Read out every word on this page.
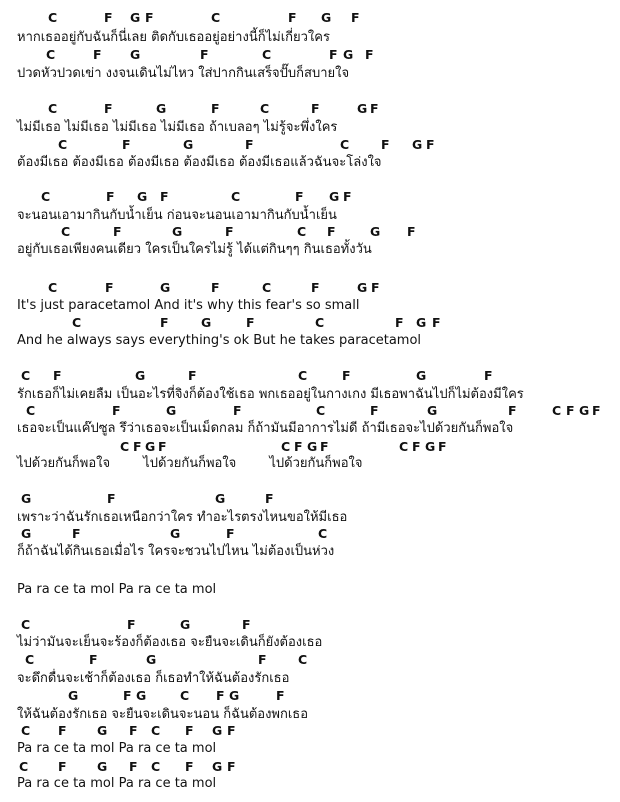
C	F G F	C	F G F
หากเธออยู่กับฉันก็นี่เลย ติดกับเธออยู่อย่างนี้ก็ไม่เกี่ยวใคร
C	F G	F	C	F G F
ปวดหัวปวดเข่า งงจนเดินไม่ไหว ใส่ปากกินเสร็จปั๊บก็สบายใจ
C	F	G	F	C	F	G F
ไม่มีเธอ ไม่มีเธอ ไม่มีเธอ ไม่มีเธอ ถ้าเบลอๆ ไม่รู้จะพึ่งใคร
C	F	G	F	C	F G F
ต้องมีเธอ ต้องมีเธอ ต้องมีเธอ ต้องมีเธอ ต้องมีเธอแล้วฉันจะโล่งใจ
C	F G F	C	F G F
จะนอนเอามากินกับน้ำเย็น ก่อนจะนอนเอามากินกับน้ำเย็น
C	F	G	F	C F	G F
อยู่กับเธอเพียงคนเดียว ใครเป็นใครไม่รู้ ได้แต่กินๆๆ กินเธอทั้งวัน
C	F	G	F	C	F	G F
It's just paracetamol And it's why this fear's so small
C	F	G	F	C	F G F
And he always says everything's ok But he takes paracetamol
C F	G	F	C	F	G	F
รักเธอก็ไม่เคยลืม เป็นอะไรที่จิงก็ต้องใช้เธอ พกเธออยู่ในกางเกง มีเธอพาฉันไปก็ไม่ต้องมีใคร
C	F	G	F	C	F	G	F	C F G F
เธอจะเป็นแค๊ปซูล รึว่าเธอจะเป็นเม็ดกลม ก็ถ้ามันมีอาการไม่ดี ถ้ามีเธอจะไปด้วยกันก็พอใจ
C F G F	C F G F	C F G F
ไปด้วยกันก็พอใจ        ไปด้วยกันก็พอใจ        ไปด้วยกันก็พอใจ
G	F	G	F
เพราะว่าฉันรักเธอเหนือกว่าใคร ทำอะไรตรงไหนขอให้มีเธอ
G	F	G	F	C
ก็ถ้าฉันได้กินเธอเมื่อไร ใครจะชวนไปไหน ไม่ต้องเป็นห่วง
Pa ra ce ta mol Pa ra ce ta mol
C	F	G	F
ไม่ว่ามันจะเย็นจะร้องก็ต้องเธอ จะยืนจะเดินก็ยังต้องเธอ
C	F	G	F	C
จะดึกดื่นจะเช้าก็ต้องเธอ ก็เธอทำให้ฉันต้องรักเธอ
G	F G	C F G	F
ให้ฉันต้องรักเธอ จะยืนจะเดินจะนอน ก็ฉันต้องพกเธอ
C F G F C F G F
Pa ra ce ta mol Pa ra ce ta mol
C F G F C F G F
Pa ra ce ta mol Pa ra ce ta mol
